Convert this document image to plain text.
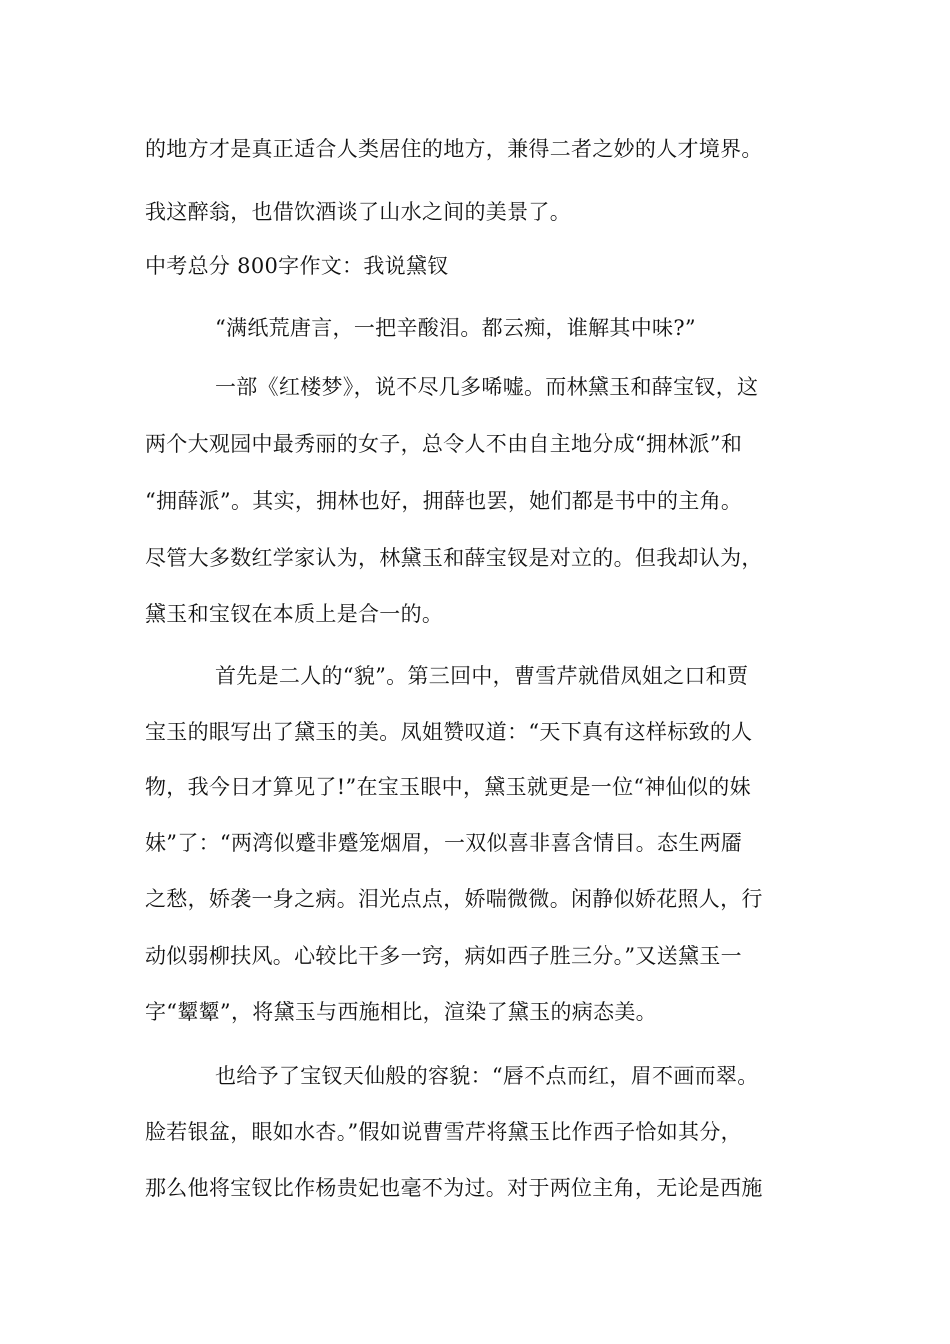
的地方才是真正适合人类居住的地方，兼得二者之妙的人才境界。
我这醉翁，也借饮酒谈了山水之间的美景了。
中考总分 800字作文：我说黛钗
“满纸荒唐言，一把辛酸泪。都云痴，谁解其中味?”
一部《红楼梦》，说不尽几多唏嘘。而林黛玉和薛宝钗，这
两个大观园中最秀丽的女子，总令人不由自主地分成“拥林派”和
“拥薛派”。其实，拥林也好，拥薛也罢，她们都是书中的主角。
尽管大多数红学家认为，林黛玉和薛宝钗是对立的。但我却认为，
黛玉和宝钗在本质上是合一的。
首先是二人的“貌”。第三回中，曹雪芹就借凤姐之口和贾
宝玉的眼写出了黛玉的美。凤姐赞叹道：“天下真有这样标致的人
物，我今日才算见了!”在宝玉眼中，黛玉就更是一位“神仙似的妹
妹”了：“两湾似蹙非蹙笼烟眉，一双似喜非喜含情目。态生两靥
之愁，娇袭一身之病。泪光点点，娇喘微微。闲静似娇花照人，行
动似弱柳扶风。心较比干多一窍，病如西子胜三分。”又送黛玉一
字“颦颦”，将黛玉与西施相比，渲染了黛玉的病态美。
也给予了宝钗天仙般的容貌：“唇不点而红，眉不画而翠。
脸若银盆，眼如水杏。”假如说曹雪芹将黛玉比作西子恰如其分，
那么他将宝钗比作杨贵妃也毫不为过。对于两位主角，无论是西施
